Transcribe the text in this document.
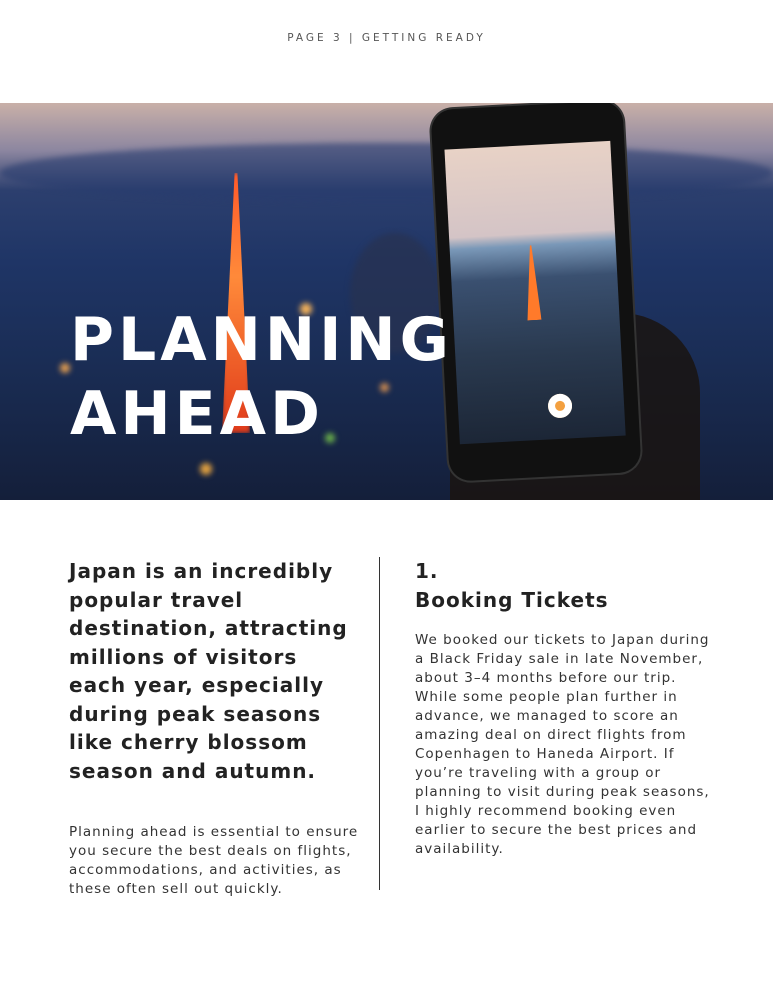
PAGE 3 | GETTING READY
PLANNING
AHEAD

Japan is an incredibly popular travel destination, attracting millions of visitors each year, especially during peak seasons like cherry blossom season and autumn.

Planning ahead is essential to ensure you secure the best deals on flights, accommodations, and activities, as these often sell out quickly.

1.

Booking Tickets

We booked our tickets to Japan during a Black Friday sale in late November, about 3–4 months before our trip. While some people plan further in advance, we managed to score an amazing deal on direct flights from Copenhagen to Haneda Airport. If you’re traveling with a group or planning to visit during peak seasons, I highly recommend booking even earlier to secure the best prices and availability.
